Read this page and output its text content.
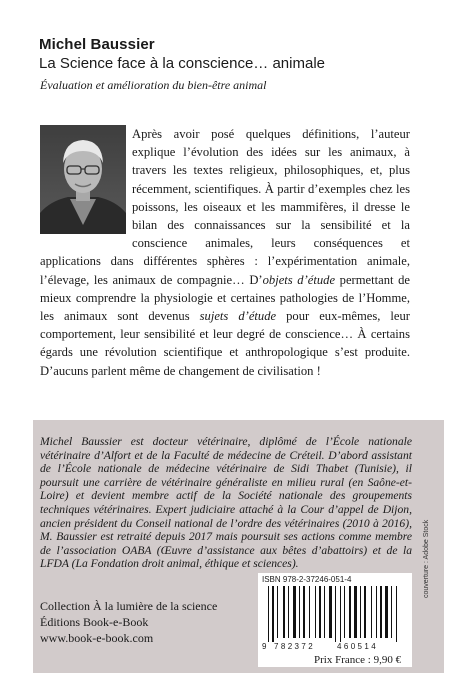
Michel Baussier
La Science face à la conscience… animale
Évaluation et amélioration du bien-être animal

Après avoir posé quelques définitions, l’auteur explique l’évolution des idées sur les animaux, à travers les textes religieux, philosophiques, et, plus récemment, scientifiques. À partir d’exemples chez les poissons, les oiseaux et les mammifères, il dresse le bilan des connaissances sur la sensibilité et la conscience animales, leurs conséquences et applications dans différentes sphères : l’expérimentation animale, l’élevage, les animaux de compagnie… D’objets d’étude permettant de mieux comprendre la physiologie et certaines pathologies de l’Homme, les animaux sont devenus sujets d’étude pour eux-mêmes, leur comportement, leur sensibilité et leur degré de conscience… À certains égards une révolution scientifique et anthropologique s’est produite. D’aucuns parlent même de changement de civilisation !

Michel Baussier est docteur vétérinaire, diplômé de l’École nationale vétérinaire d’Alfort et de la Faculté de médecine de Créteil. D’abord assistant de l’École nationale de médecine vétérinaire de Sidi Thabet (Tunisie), il poursuit une carrière de vétérinaire généraliste en milieu rural (en Saône-et-Loire) et devient membre actif de la Société nationale des groupements techniques vétérinaires. Expert judiciaire attaché à la Cour d’appel de Dijon, ancien président du Conseil national de l’ordre des vétérinaires (2010 à 2016), M. Baussier est retraité depuis 2017 mais poursuit ses actions comme membre de l’association OABA (Œuvre d’assistance aux bêtes d’abattoirs) et de la LFDA (La Fondation droit animal, éthique et sciences).	couverture : Adobe Stock
Collection À la lumière de la science
Éditions Book-e-Book
www.book-e-book.com
ISBN 978-2-37246-051-4
9 782372	460514
Prix France : 9,90 €
